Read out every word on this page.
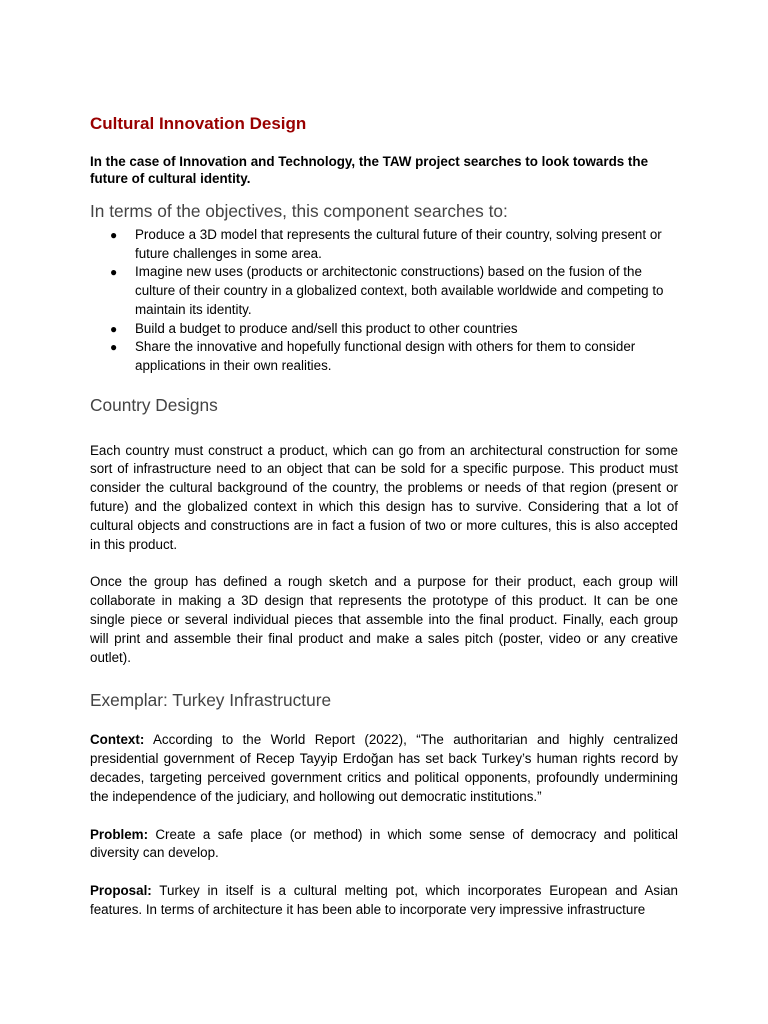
Cultural Innovation Design

In the case of Innovation and Technology, the TAW project searches to look towards the future of cultural identity.

In terms of the objectives, this component searches to:
● Produce a 3D model that represents the cultural future of their country, solving present or future challenges in some area.
● Imagine new uses (products or architectonic constructions) based on the fusion of the culture of their country in a globalized context, both available worldwide and competing to maintain its identity.
● Build a budget to produce and/sell this product to other countries
● Share the innovative and hopefully functional design with others for them to consider applications in their own realities.
Country Designs

Each country must construct a product, which can go from an architectural construction for some sort of infrastructure need to an object that can be sold for a specific purpose. This product must consider the cultural background of the country, the problems or needs of that region (present or future) and the globalized context in which this design has to survive. Considering that a lot of cultural objects and constructions are in fact a fusion of two or more cultures, this is also accepted in this product.

Once the group has defined a rough sketch and a purpose for their product, each group will collaborate in making a 3D design that represents the prototype of this product. It can be one single piece or several individual pieces that assemble into the final product. Finally, each group will print and assemble their final product and make a sales pitch (poster, video or any creative outlet).

Exemplar: Turkey Infrastructure

Context: According to the World Report (2022), “The authoritarian and highly centralized presidential government of Recep Tayyip Erdoğan has set back Turkey’s human rights record by decades, targeting perceived government critics and political opponents, profoundly undermining the independence of the judiciary, and hollowing out democratic institutions.”

Problem: Create a safe place (or method) in which some sense of democracy and political diversity can develop.

Proposal: Turkey in itself is a cultural melting pot, which incorporates European and Asian features. In terms of architecture it has been able to incorporate very impressive infrastructure
